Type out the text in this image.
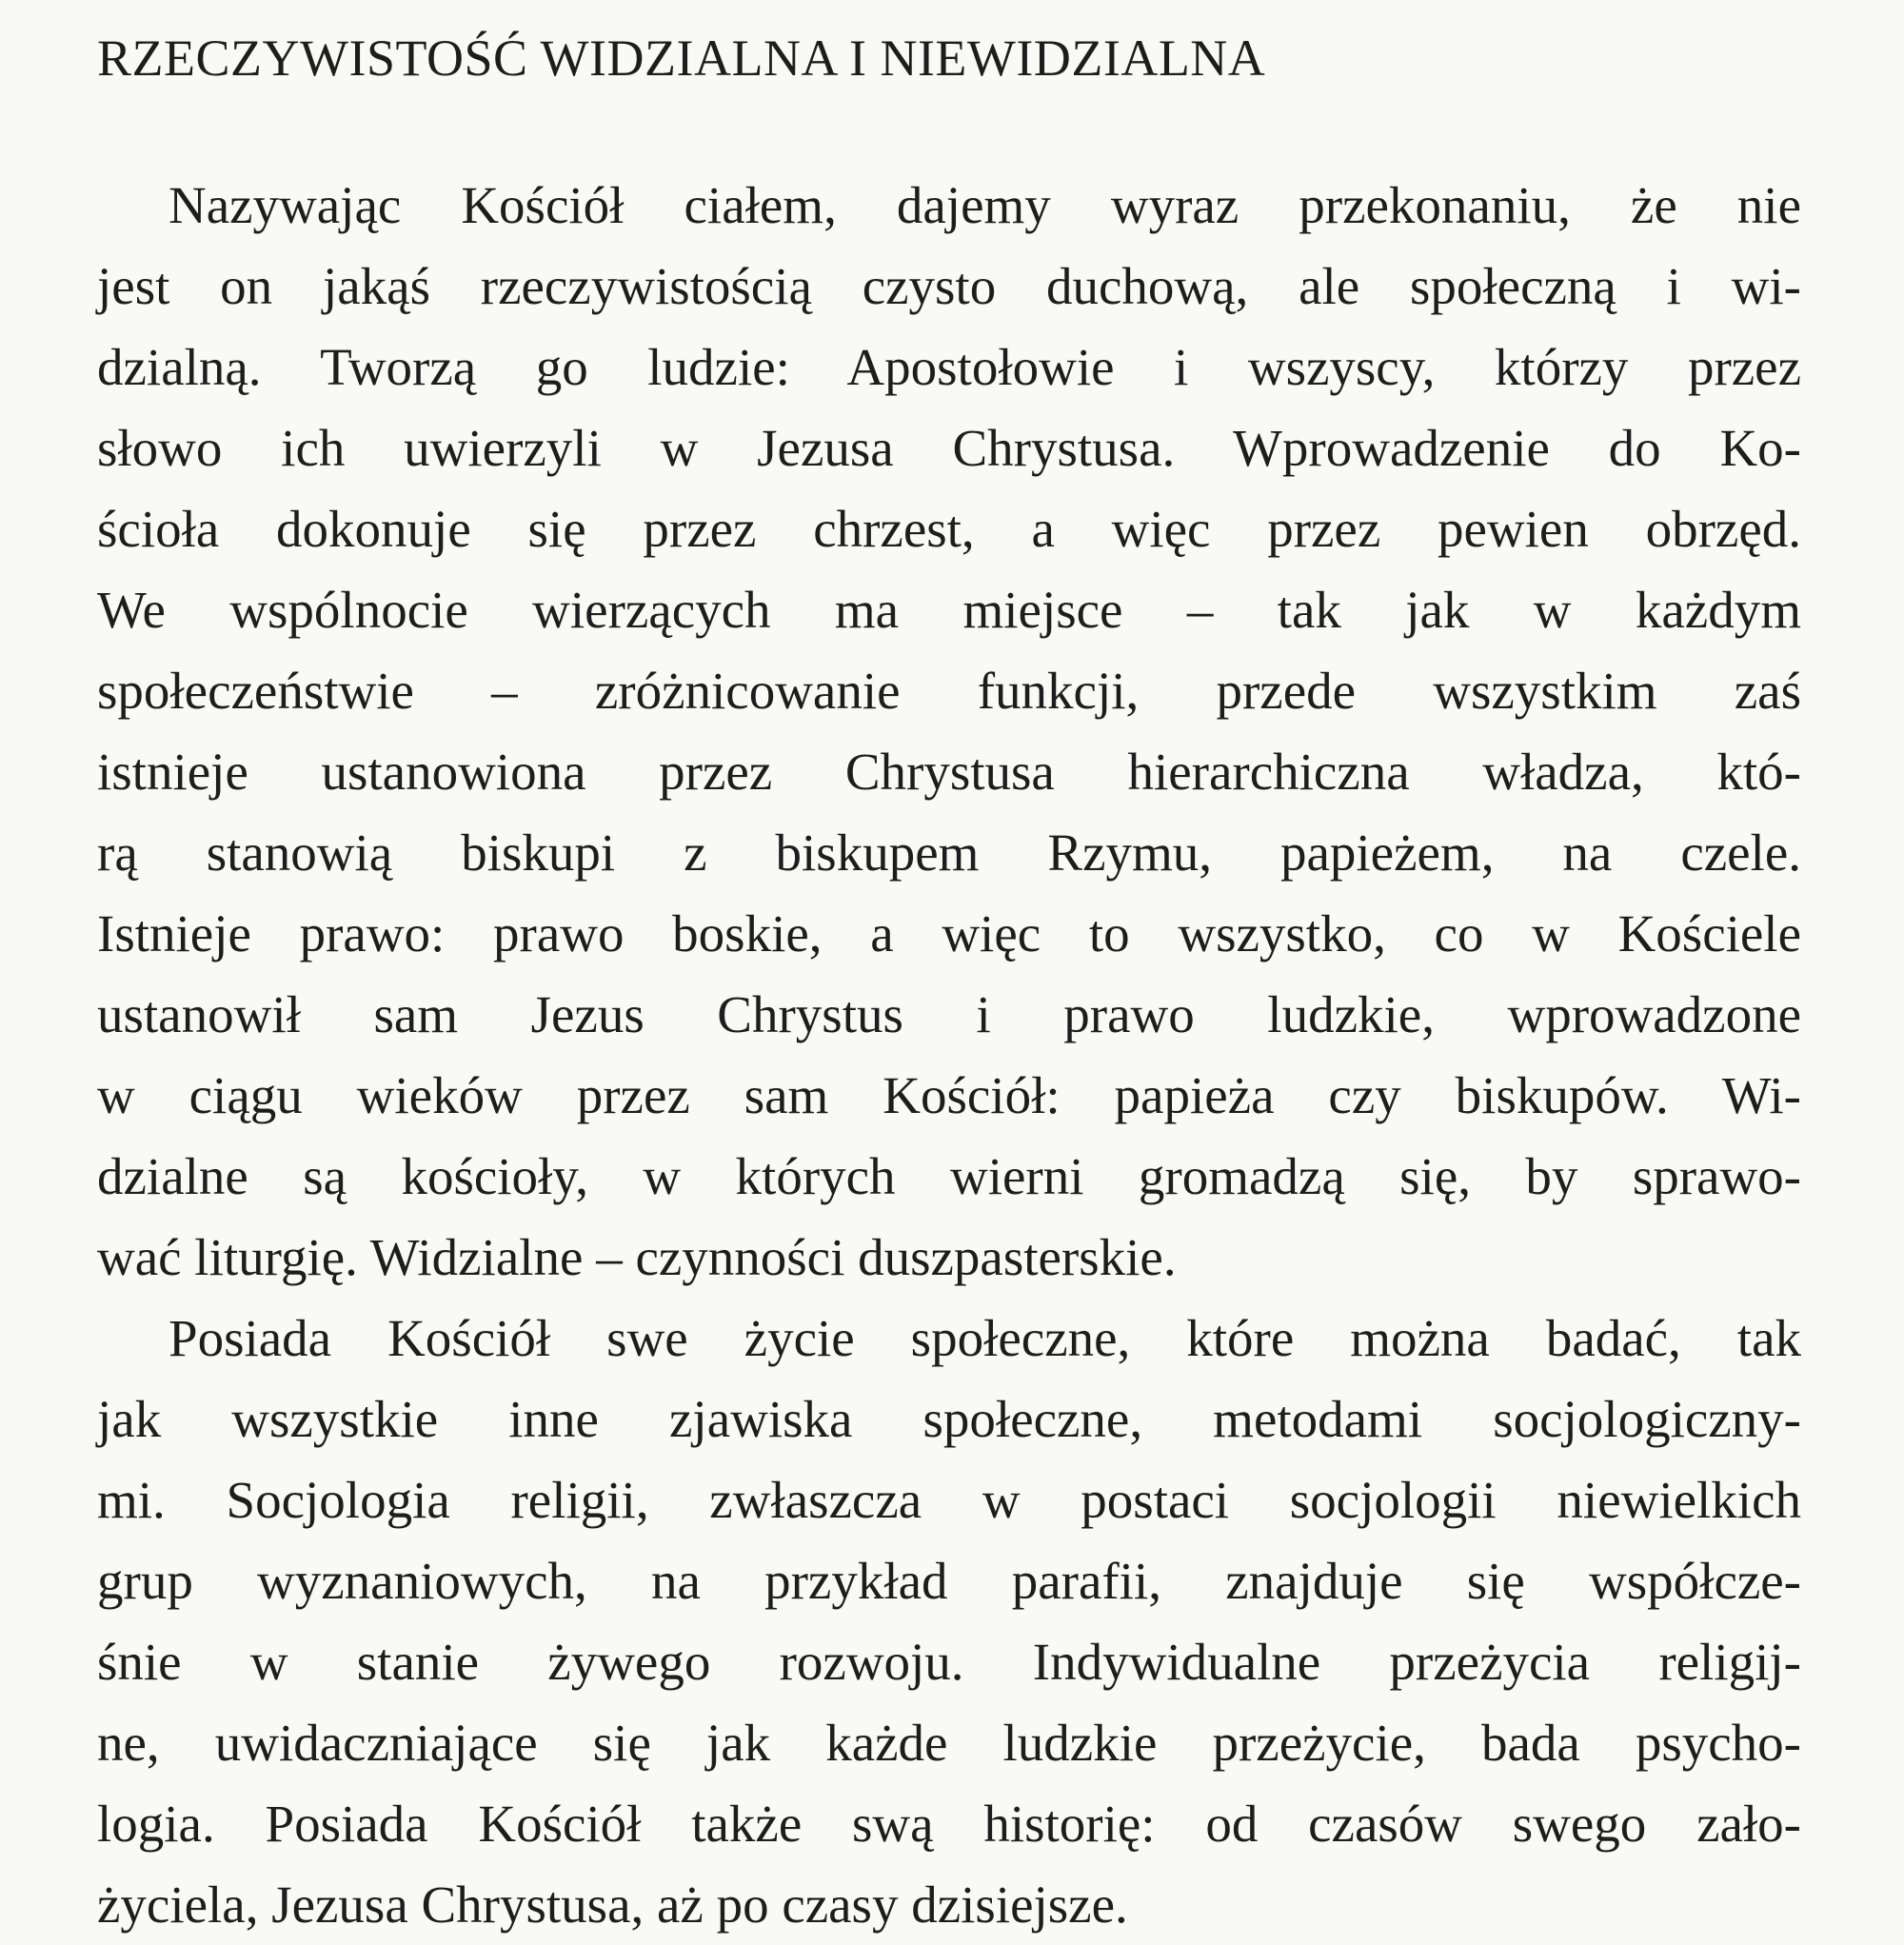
RZECZYWISTOŚĆ WIDZIALNA I NIEWIDZIALNA
Nazywając Kościół ciałem, dajemy wyraz przekonaniu, że nie
jest on jakąś rzeczywistością czysto duchową, ale społeczną i wi-
dzialną. Tworzą go ludzie: Apostołowie i wszyscy, którzy przez
słowo ich uwierzyli w Jezusa Chrystusa. Wprowadzenie do Ko-
ścioła dokonuje się przez chrzest, a więc przez pewien obrzęd.
We wspólnocie wierzących ma miejsce – tak jak w każdym
społeczeństwie – zróżnicowanie funkcji, przede wszystkim zaś
istnieje ustanowiona przez Chrystusa hierarchiczna władza, któ-
rą stanowią biskupi z biskupem Rzymu, papieżem, na czele.
Istnieje prawo: prawo boskie, a więc to wszystko, co w Kościele
ustanowił sam Jezus Chrystus i prawo ludzkie, wprowadzone
w ciągu wieków przez sam Kościół: papieża czy biskupów. Wi-
dzialne są kościoły, w których wierni gromadzą się, by sprawo-
wać liturgię. Widzialne – czynności duszpasterskie.
Posiada Kościół swe życie społeczne, które można badać, tak
jak wszystkie inne zjawiska społeczne, metodami socjologiczny-
mi. Socjologia religii, zwłaszcza w postaci socjologii niewielkich
grup wyznaniowych, na przykład parafii, znajduje się współcze-
śnie w stanie żywego rozwoju. Indywidualne przeżycia religij-
ne, uwidaczniające się jak każde ludzkie przeżycie, bada psycho-
logia. Posiada Kościół także swą historię: od czasów swego zało-
życiela, Jezusa Chrystusa, aż po czasy dzisiejsze.
